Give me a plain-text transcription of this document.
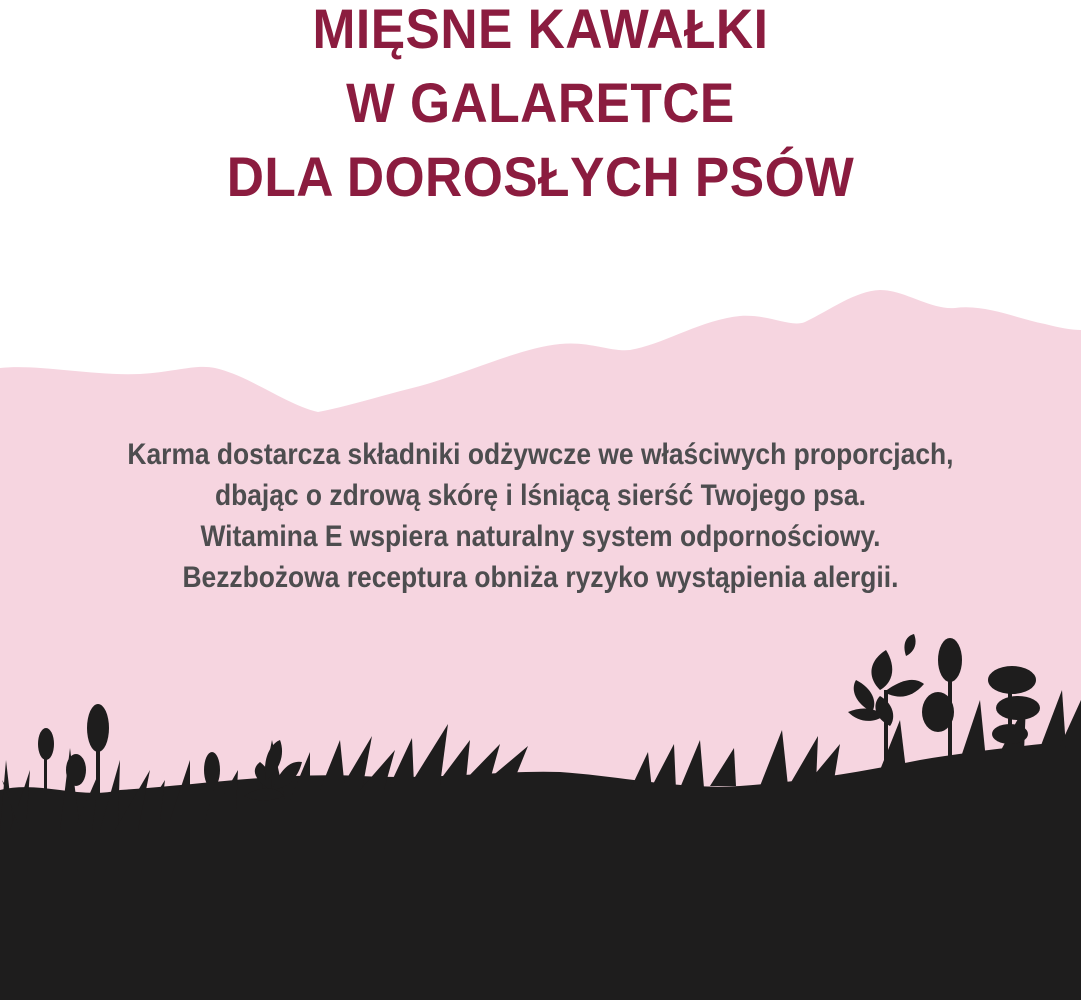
MIĘSNE KAWAŁKI
W GALARETCE
DLA DOROSŁYCH PSÓW
Karma dostarcza składniki odżywcze we właściwych proporcjach,
dbając o zdrową skórę i lśniącą sierść Twojego psa.
Witamina E wspiera naturalny system odpornościowy.
Bezzbożowa receptura obniża ryzyko wystąpienia alergii.
